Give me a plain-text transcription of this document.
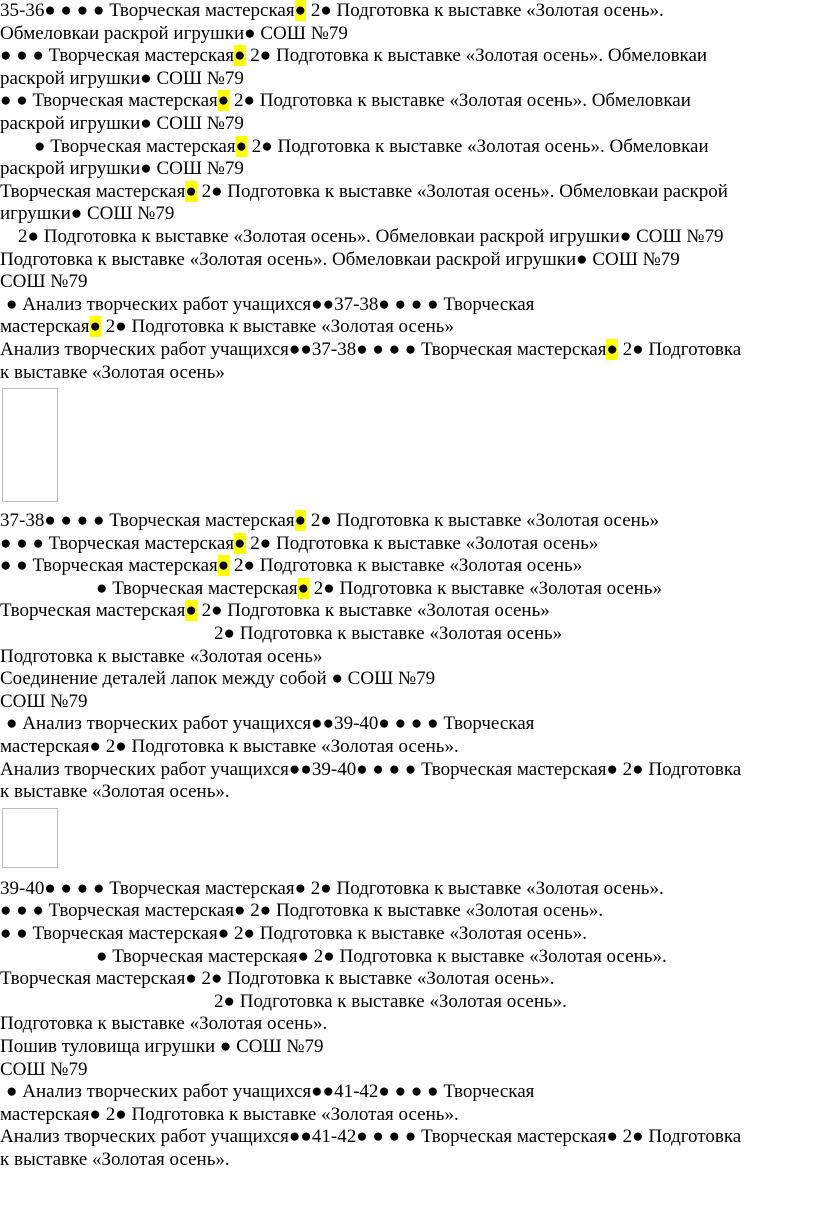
35-36● ● ● ● Творческая мастерская● 2● Подготовка к выставке «Золотая осень».
Обмеловкаи раскрой игрушки● СОШ №79
● ● ● Творческая мастерская● 2● Подготовка к выставке «Золотая осень». Обмеловкаи
раскрой игрушки● СОШ №79
● ● Творческая мастерская● 2● Подготовка к выставке «Золотая осень». Обмеловкаи
раскрой игрушки● СОШ №79
● Творческая мастерская● 2● Подготовка к выставке «Золотая осень». Обмеловкаи
раскрой игрушки● СОШ №79
Творческая мастерская● 2● Подготовка к выставке «Золотая осень». Обмеловкаи раскрой
игрушки● СОШ №79
2● Подготовка к выставке «Золотая осень». Обмеловкаи раскрой игрушки● СОШ №79
Подготовка к выставке «Золотая осень». Обмеловкаи раскрой игрушки● СОШ №79
СОШ №79
● Анализ творческих работ учащихся●●37-38● ● ● ● Творческая
мастерская● 2● Подготовка к выставке «Золотая осень»
Анализ творческих работ учащихся●●37-38● ● ● ● Творческая мастерская● 2● Подготовка
к выставке «Золотая осень»
37-38● ● ● ● Творческая мастерская● 2● Подготовка к выставке «Золотая осень»
● ● ● Творческая мастерская● 2● Подготовка к выставке «Золотая осень»
● ● Творческая мастерская● 2● Подготовка к выставке «Золотая осень»
● Творческая мастерская● 2● Подготовка к выставке «Золотая осень»
Творческая мастерская● 2● Подготовка к выставке «Золотая осень»
2● Подготовка к выставке «Золотая осень»
Подготовка к выставке «Золотая осень»
Соединение деталей лапок между собой ● СОШ №79
СОШ №79
● Анализ творческих работ учащихся●●39-40● ● ● ● Творческая
мастерская● 2● Подготовка к выставке «Золотая осень».
Анализ творческих работ учащихся●●39-40● ● ● ● Творческая мастерская● 2● Подготовка
к выставке «Золотая осень».
39-40● ● ● ● Творческая мастерская● 2● Подготовка к выставке «Золотая осень».
● ● ● Творческая мастерская● 2● Подготовка к выставке «Золотая осень».
● ● Творческая мастерская● 2● Подготовка к выставке «Золотая осень».
● Творческая мастерская● 2● Подготовка к выставке «Золотая осень».
Творческая мастерская● 2● Подготовка к выставке «Золотая осень».
2● Подготовка к выставке «Золотая осень».
Подготовка к выставке «Золотая осень».
Пошив туловища игрушки ● СОШ №79
СОШ №79
● Анализ творческих работ учащихся●●41-42● ● ● ● Творческая
мастерская● 2● Подготовка к выставке «Золотая осень».
Анализ творческих работ учащихся●●41-42● ● ● ● Творческая мастерская● 2● Подготовка
к выставке «Золотая осень».
